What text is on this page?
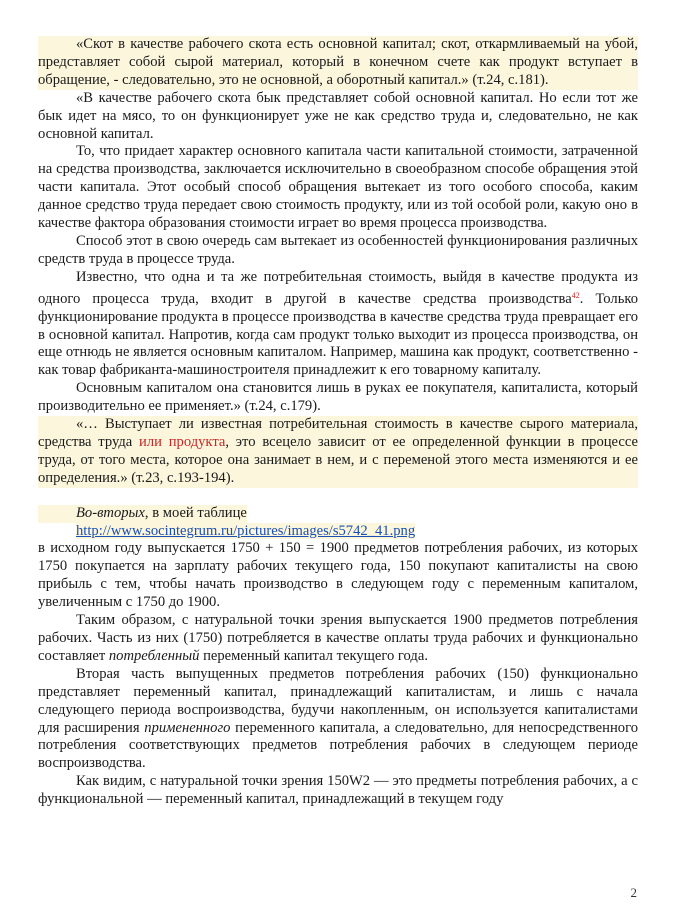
«Скот в качестве рабочего скота есть основной капитал; скот, откармливаемый на убой, представляет собой сырой материал, который в конечном счете как продукт вступает в обращение, - следовательно, это не основной, а оборотный капитал.» (т.24, с.181).

«В качестве рабочего скота бык представляет собой основной капитал. Но если тот же бык идет на мясо, то он функционирует уже не как средство труда и, следовательно, не как основной капитал.

То, что придает характер основного капитала части капитальной стоимости, затраченной на средства производства, заключается исключительно в своеобразном способе обращения этой части капитала. Этот особый способ обращения вытекает из того особого способа, каким данное средство труда передает свою стоимость продукту, или из той особой роли, какую оно в качестве фактора образования стоимости играет во время процесса производства.

Способ этот в свою очередь сам вытекает из особенностей функционирования различных средств труда в процессе труда.

Известно, что одна и та же потребительная стоимость, выйдя в качестве продукта из одного процесса труда, входит в другой в качестве средства производства$^{42}$. Только функционирование продукта в процессе производства в качестве средства труда превращает его в основной капитал. Напротив, когда сам продукт только выходит из процесса производства, он еще отнюдь не является основным капиталом. Например, машина как продукт, соответственно - как товар фабриканта-машиностроителя принадлежит к его товарному капиталу.

Основным капиталом она становится лишь в руках ее покупателя, капиталиста, который производительно ее применяет.» (т.24, с.179).

«… Выступает ли известная потребительная стоимость в качестве сырого материала, средства труда или продукта, это всецело зависит от ее определенной функции в процессе труда, от того места, которое она занимает в нем, и с переменой этого места изменяются и ее определения.» (т.23, с.193-194).

Во-вторых, в моей таблице

http://www.socintegrum.ru/pictures/images/s5742_41.png

в исходном году выпускается 1750 + 150 = 1900 предметов потребления рабочих, из которых 1750 покупается на зарплату рабочих текущего года, 150 покупают капиталисты на свою прибыль с тем, чтобы начать производство в следующем году с переменным капиталом, увеличенным с 1750 до 1900.

Таким образом, с натуральной точки зрения выпускается 1900 предметов потребления рабочих. Часть из них (1750) потребляется в качестве оплаты труда рабочих и функционально составляет потребленный переменный капитал текущего года.

Вторая часть выпущенных предметов потребления рабочих (150) функционально представляет переменный капитал, принадлежащий капиталистам, и лишь с начала следующего периода воспроизводства, будучи накопленным, он используется капиталистами для расширения примененного переменного капитала, а следовательно, для непосредственного потребления соответствующих предметов потребления рабочих в следующем периоде воспроизводства.

Как видим, с натуральной точки зрения 150W2 — это предметы потребления рабочих, а с функциональной — переменный капитал, принадлежащий в текущем году

2
